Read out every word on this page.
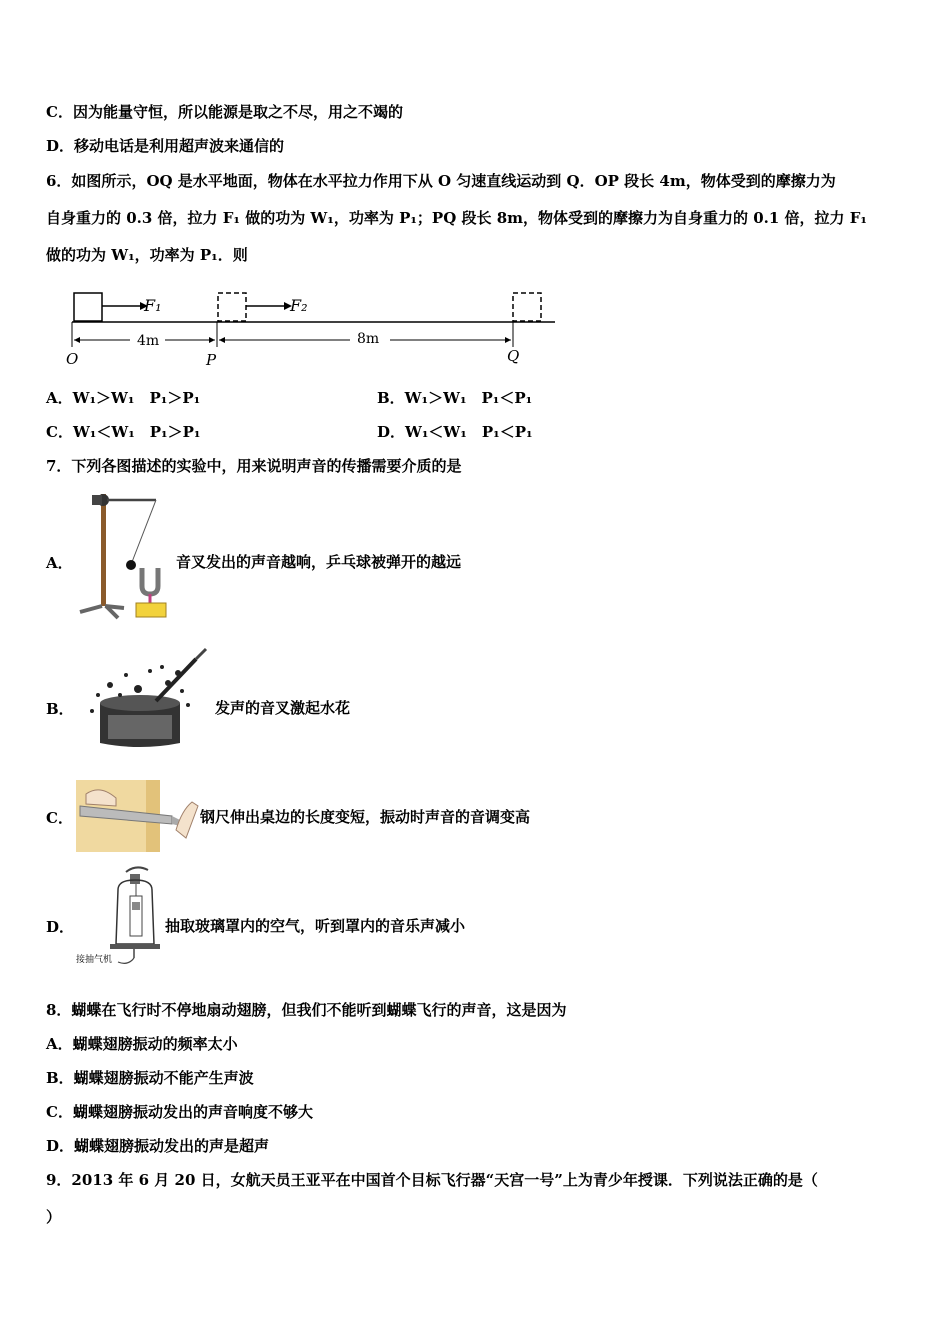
C．因为能量守恒，所以能源是取之不尽，用之不竭的
D．移动电话是利用超声波来通信的
6．如图所示，OQ 是水平地面，物体在水平拉力作用下从 O 匀速直线运动到 Q．OP 段长 4m，物体受到的摩擦力为
自身重力的 0.3 倍，拉力 F₁ 做的功为 W₁，功率为 P₁；PQ 段长 8m，物体受到的摩擦力为自身重力的 0.1 倍，拉力 F₁
做的功为 W₁，功率为 P₁．则
F₁	F₂
4m	8m
O	P	Q
A．W₁＞W₁　P₁＞P₁	B．W₁＞W₁　P₁＜P₁
C．W₁＜W₁　P₁＞P₁	D．W₁＜W₁　P₁＜P₁
7．下列各图描述的实验中，用来说明声音的传播需要介质的是
A．	音叉发出的声音越响，乒乓球被弹开的越远
B．	发声的音叉激起水花
C．	钢尺伸出桌边的长度变短，振动时声音的音调变高
D．
接抽气机
抽取玻璃罩内的空气，听到罩内的音乐声减小
8．蝴蝶在飞行时不停地扇动翅膀，但我们不能听到蝴蝶飞行的声音，这是因为
A．蝴蝶翅膀振动的频率太小
B．蝴蝶翅膀振动不能产生声波
C．蝴蝶翅膀振动发出的声音响度不够大
D．蝴蝶翅膀振动发出的声是超声
9．2013 年 6 月 20 日，女航天员王亚平在中国首个目标飞行器“天宫一号”上为青少年授课．下列说法正确的是（
）
